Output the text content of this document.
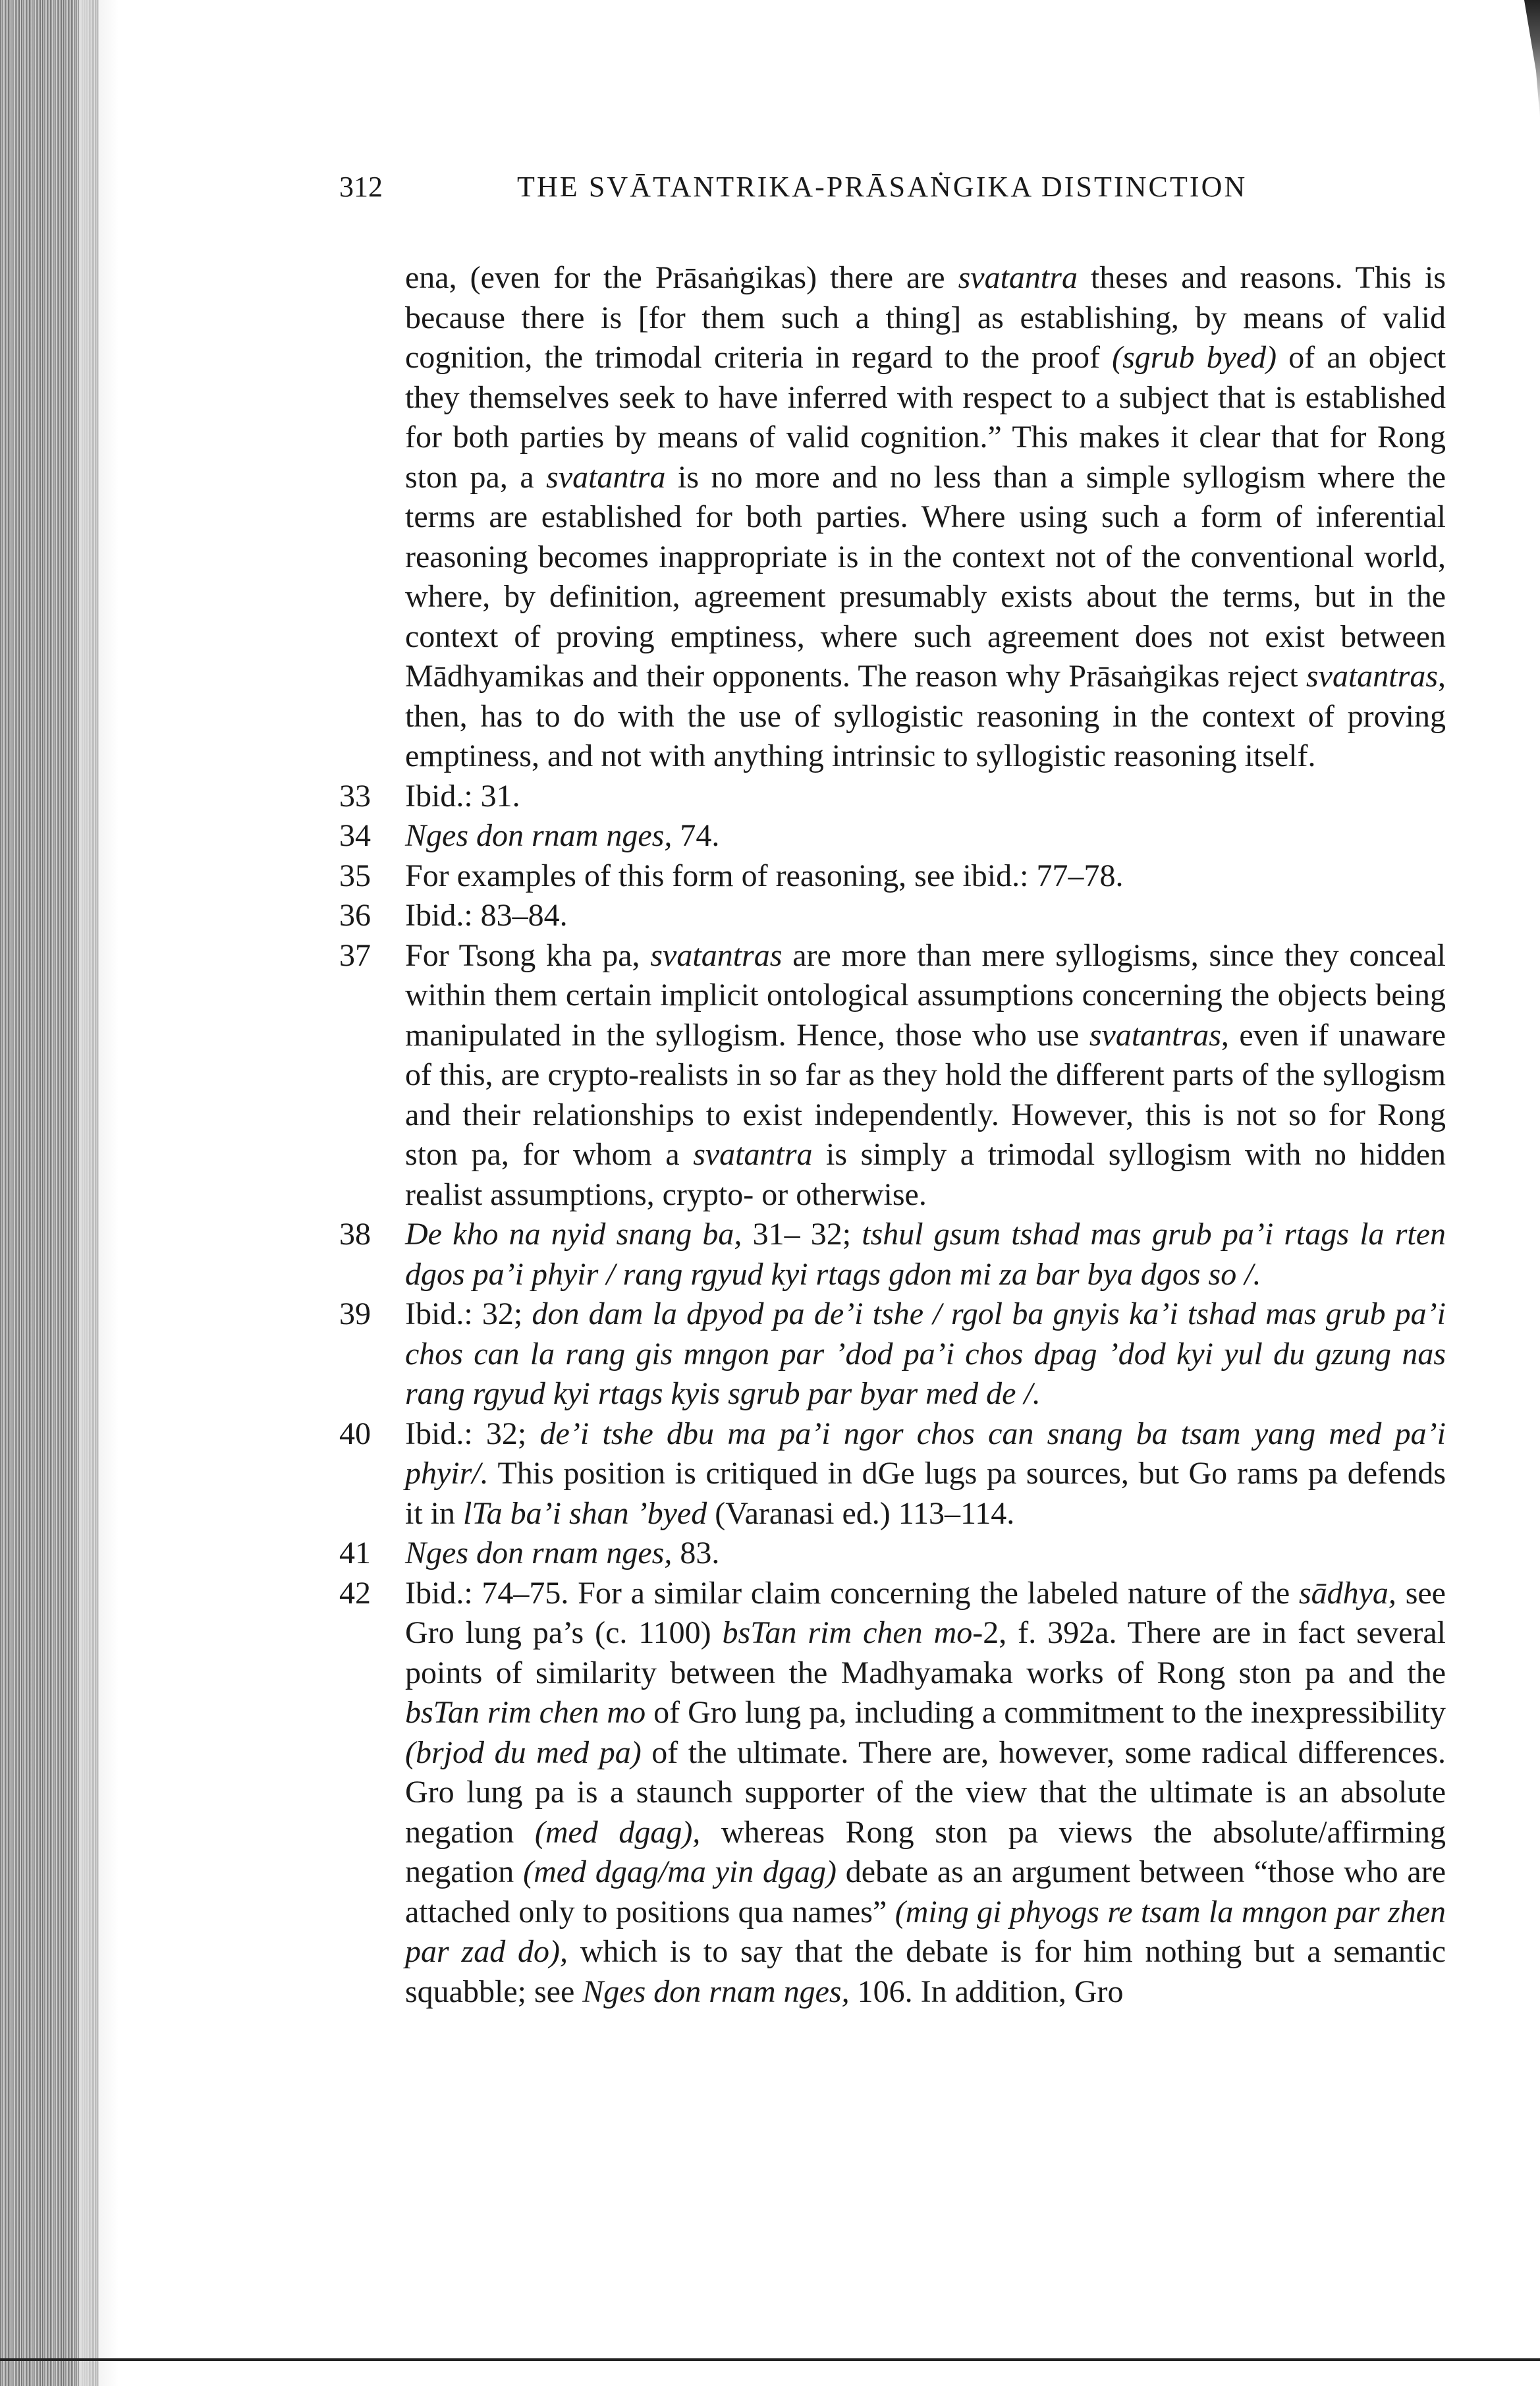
312	THE SVĀTANTRIKA-PRĀSAṄGIKA DISTINCTION

ena, (even for the Prāsaṅgikas) there are svatantra theses and reasons. This is because there is [for them such a thing] as establishing, by means of valid cognition, the trimodal criteria in regard to the proof (sgrub byed) of an object they themselves seek to have inferred with respect to a subject that is established for both parties by means of valid cognition.” This makes it clear that for Rong ston pa, a svatantra is no more and no less than a simple syllogism where the terms are established for both parties. Where using such a form of inferential reasoning becomes inappropriate is in the context not of the conventional world, where, by definition, agreement presumably exists about the terms, but in the context of proving emptiness, where such agreement does not exist between Mādhyamikas and their opponents. The reason why Prāsaṅgikas reject svatantras, then, has to do with the use of syllogistic reasoning in the context of proving emptiness, and not with anything intrinsic to syllogistic reasoning itself.

33 Ibid.: 31.

34 Nges don rnam nges, 74.

35 For examples of this form of reasoning, see ibid.: 77–78.

36 Ibid.: 83–84.

37 For Tsong kha pa, svatantras are more than mere syllogisms, since they conceal within them certain implicit ontological assumptions concerning the objects being manipulated in the syllogism. Hence, those who use svatantras, even if unaware of this, are crypto-realists in so far as they hold the different parts of the syllogism and their relationships to exist independently. However, this is not so for Rong ston pa, for whom a svatantra is simply a trimodal syllogism with no hidden realist assumptions, crypto- or otherwise.

38 De kho na nyid snang ba, 31– 32; tshul gsum tshad mas grub pa’i rtags la rten dgos pa’i phyir / rang rgyud kyi rtags gdon mi za bar bya dgos so /.

39 Ibid.: 32; don dam la dpyod pa de’i tshe / rgol ba gnyis ka’i tshad mas grub pa’i chos can la rang gis mngon par ’dod pa’i chos dpag ’dod kyi yul du gzung nas rang rgyud kyi rtags kyis sgrub par byar med de /.

40 Ibid.: 32; de’i tshe dbu ma pa’i ngor chos can snang ba tsam yang med pa’i phyir/. This position is critiqued in dGe lugs pa sources, but Go rams pa defends it in lTa ba’i shan ’byed (Varanasi ed.) 113–114.

41 Nges don rnam nges, 83.

42 Ibid.: 74–75. For a similar claim concerning the labeled nature of the sādhya, see Gro lung pa’s (c. 1100) bsTan rim chen mo-2, f. 392a. There are in fact several points of similarity between the Madhyamaka works of Rong ston pa and the bsTan rim chen mo of Gro lung pa, including a commitment to the inexpressibility (brjod du med pa) of the ultimate. There are, however, some radical differences. Gro lung pa is a staunch supporter of the view that the ultimate is an absolute negation (med dgag), whereas Rong ston pa views the absolute/affirming negation (med dgag/ma yin dgag) debate as an argument between “those who are attached only to positions qua names” (ming gi phyogs re tsam la mngon par zhen par zad do), which is to say that the debate is for him nothing but a semantic squabble; see Nges don rnam nges, 106. In addition, Gro
